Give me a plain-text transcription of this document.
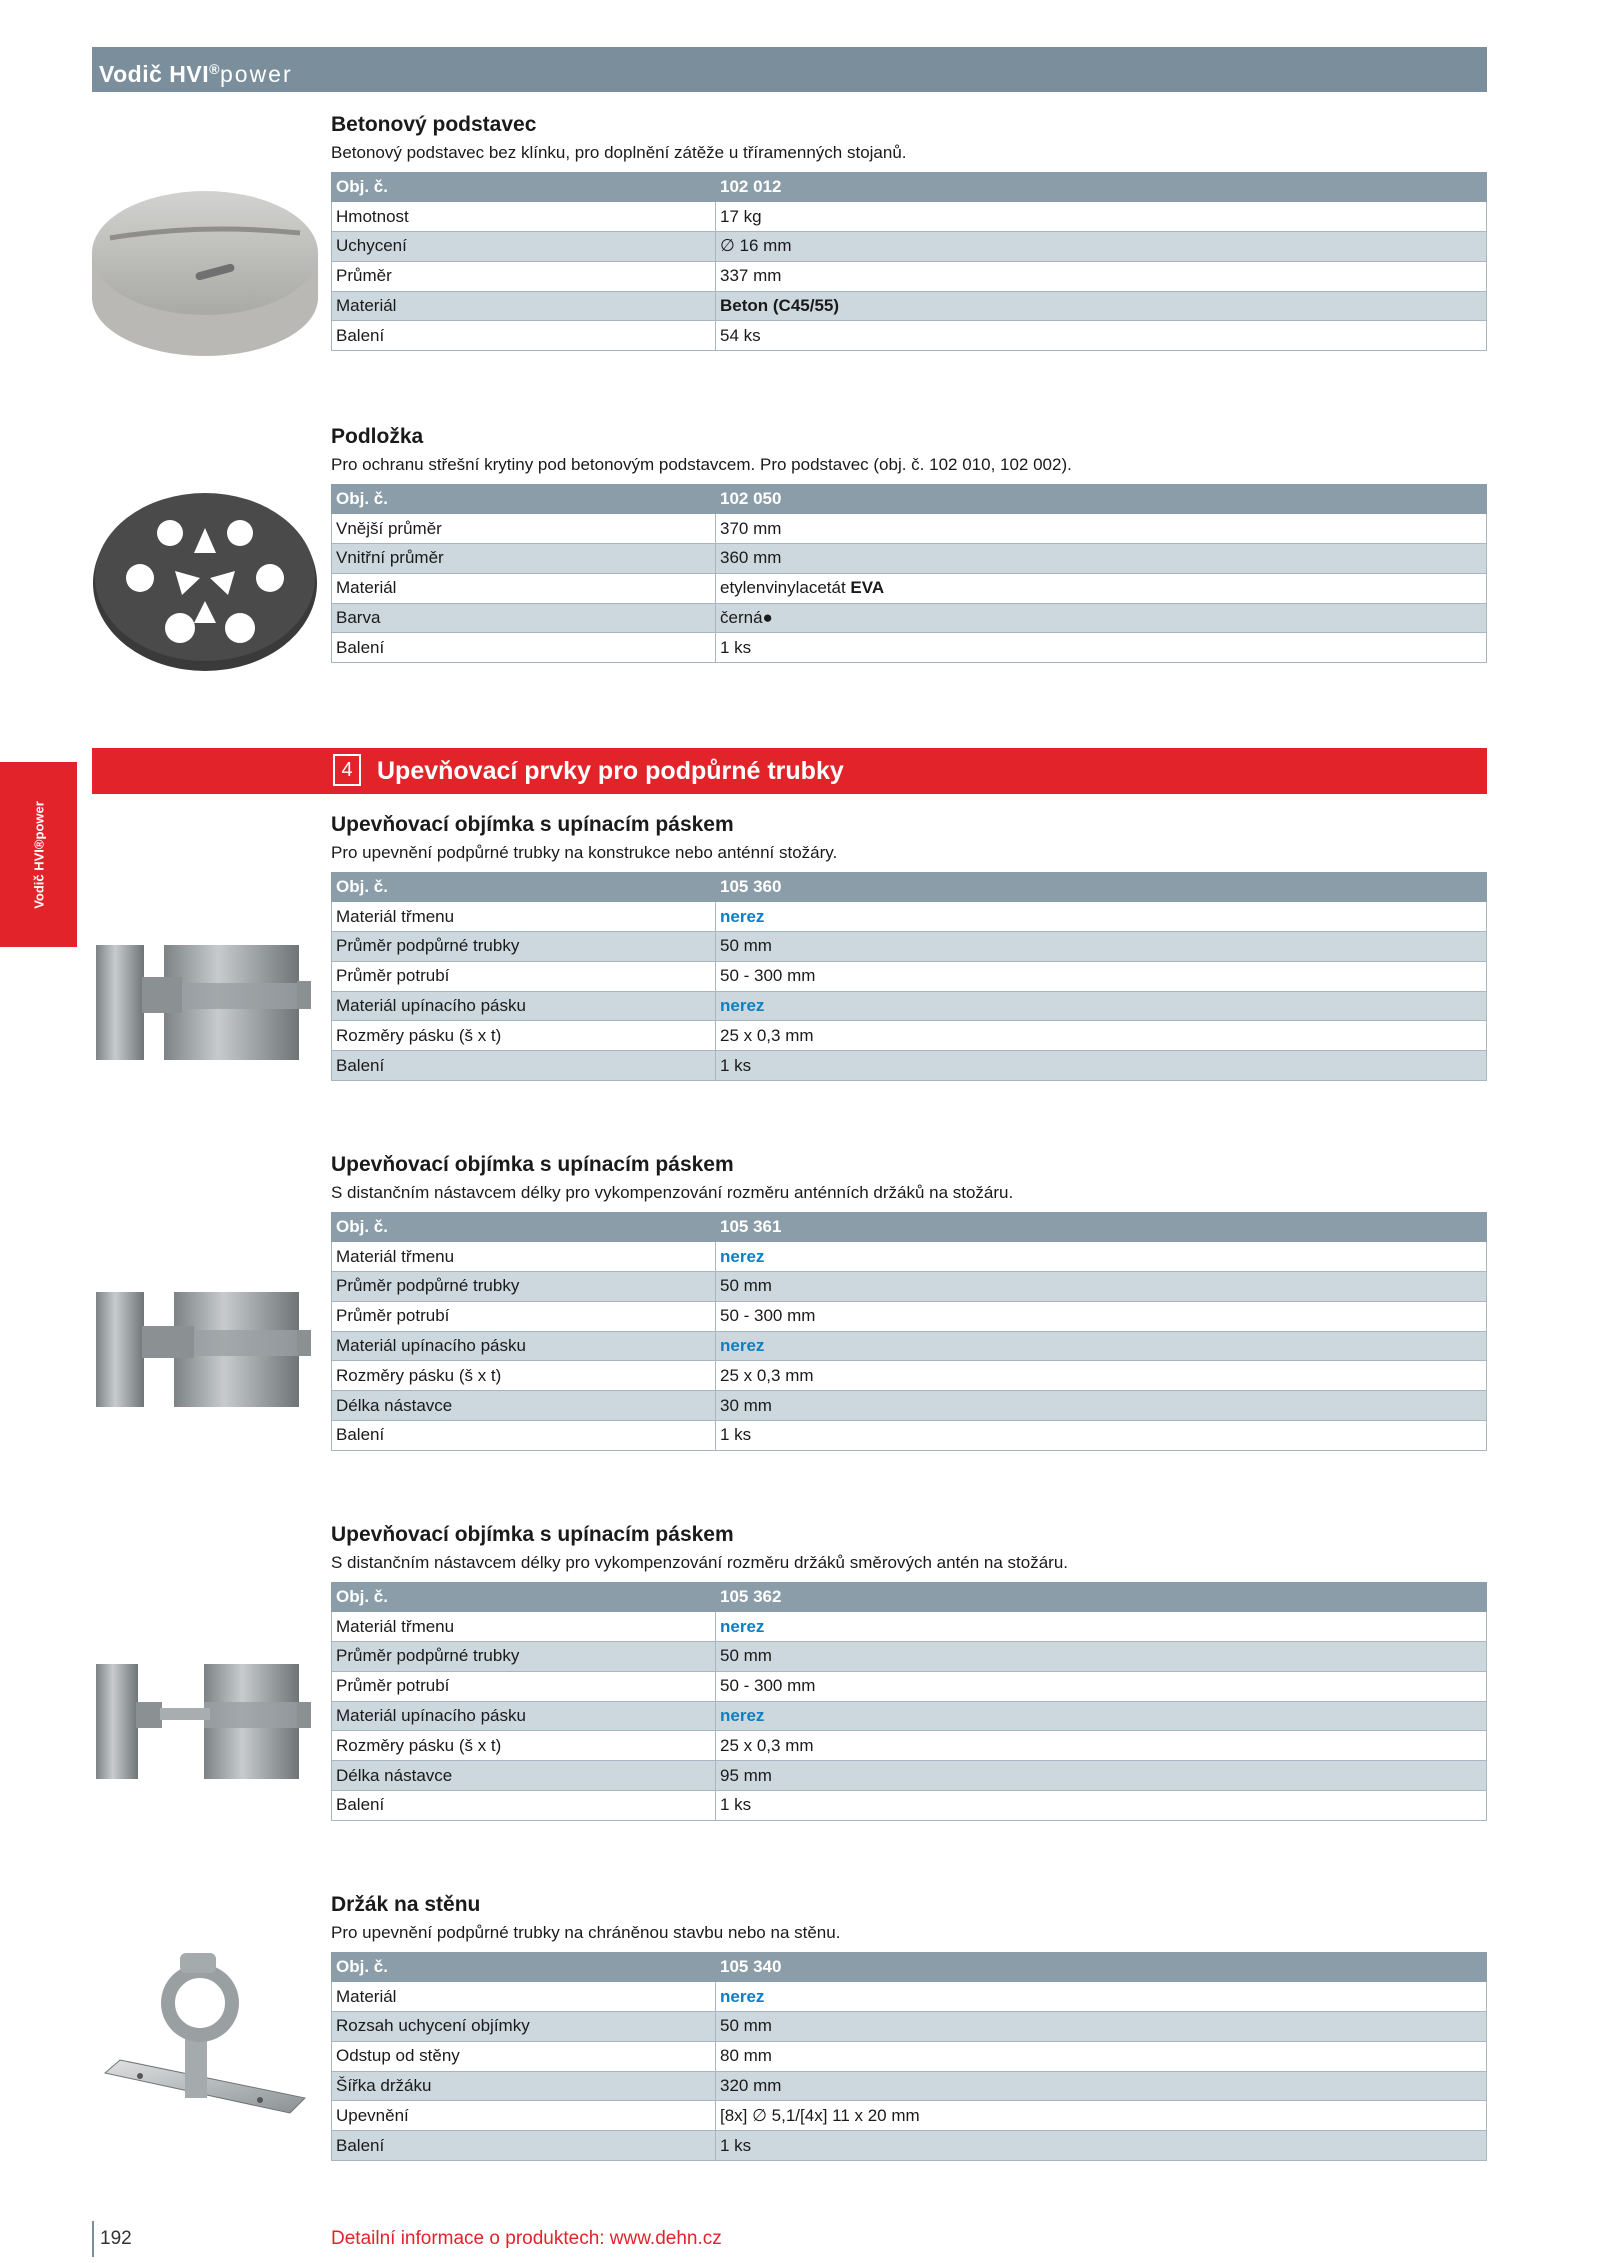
Vodič HVI®power
Vodič HVI®power
4 Upevňovací prvky pro podpůrné trubky
Betonový podstavec
Betonový podstavec bez klínku, pro doplnění zátěže u tříramenných stojanů.
Obj. č.	102 012
Hmotnost	17 kg
Uchycení	∅ 16 mm
Průměr	337 mm
Materiál	Beton (C45/55)
Balení	54 ks
Podložka
Pro ochranu střešní krytiny pod betonovým podstavcem. Pro podstavec (obj. č. 102 010, 102 002).
Obj. č.	102 050
Vnější průměr	370 mm
Vnitřní průměr	360 mm
Materiál	etylenvinylacetát EVA
Barva	černá●
Balení	1 ks
Upevňovací objímka s upínacím páskem
Pro upevnění podpůrné trubky na konstrukce nebo anténní stožáry.
Obj. č.	105 360
Materiál třmenu	nerez
Průměr podpůrné trubky	50 mm
Průměr potrubí	50 - 300 mm
Materiál upínacího pásku	nerez
Rozměry pásku (š x t)	25 x 0,3 mm
Balení	1 ks
Upevňovací objímka s upínacím páskem
S distančním nástavcem délky pro vykompenzování rozměru anténních držáků na stožáru.
Obj. č.	105 361
Materiál třmenu	nerez
Průměr podpůrné trubky	50 mm
Průměr potrubí	50 - 300 mm
Materiál upínacího pásku	nerez
Rozměry pásku (š x t)	25 x 0,3 mm
Délka nástavce	30 mm
Balení	1 ks
Upevňovací objímka s upínacím páskem
S distančním nástavcem délky pro vykompenzování rozměru držáků směrových antén na stožáru.
Obj. č.	105 362
Materiál třmenu	nerez
Průměr podpůrné trubky	50 mm
Průměr potrubí	50 - 300 mm
Materiál upínacího pásku	nerez
Rozměry pásku (š x t)	25 x 0,3 mm
Délka nástavce	95 mm
Balení	1 ks
Držák na stěnu
Pro upevnění podpůrné trubky na chráněnou stavbu nebo na stěnu.
Obj. č.	105 340
Materiál	nerez
Rozsah uchycení objímky	50 mm
Odstup od stěny	80 mm
Šířka držáku	320 mm
Upevnění	[8x] ∅ 5,1/[4x] 11 x 20 mm
Balení	1 ks
192	Detailní informace o produktech: www.dehn.cz
